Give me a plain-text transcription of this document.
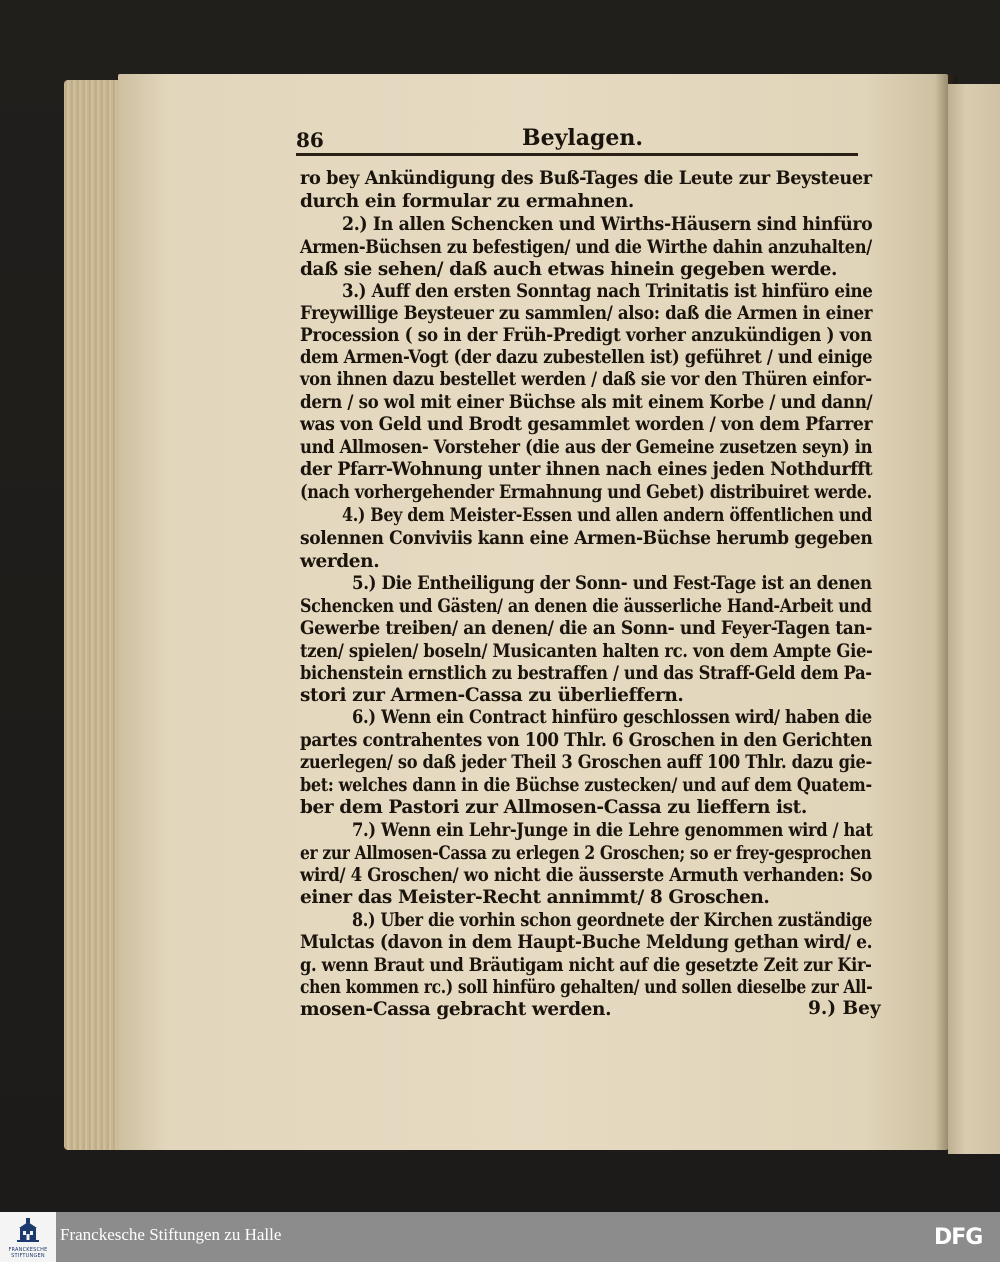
86	Beylagen.
ro bey Ankündigung des Buß-Tages die Leute zur Beysteuer
durch ein formular zu ermahnen.
2.) In allen Schencken und Wirths-Häusern sind hinfüro
Armen-Büchsen zu befestigen/ und die Wirthe dahin anzuhalten/
daß sie sehen/ daß auch etwas hinein gegeben werde.
3.) Auff den ersten Sonntag nach Trinitatis ist hinfüro eine
Freywillige Beysteuer zu sammlen/ also: daß die Armen in einer
Procession ( so in der Früh-Predigt vorher anzukündigen ) von
dem Armen-Vogt (der dazu zubestellen ist) geführet / und einige
von ihnen dazu bestellet werden / daß sie vor den Thüren einfor-
dern / so wol mit einer Büchse als mit einem Korbe / und dann/
was von Geld und Brodt gesammlet worden / von dem Pfarrer
und Allmosen- Vorsteher (die aus der Gemeine zusetzen seyn) in
der Pfarr-Wohnung unter ihnen nach eines jeden Nothdurfft
(nach vorhergehender Ermahnung und Gebet) distribuiret werde.
4.) Bey dem Meister-Essen und allen andern öffentlichen und
solennen Conviviis kann eine Armen-Büchse herumb gegeben
werden.
5.) Die Entheiligung der Sonn- und Fest-Tage ist an denen
Schencken und Gästen/ an denen die äusserliche Hand-Arbeit und
Gewerbe treiben/ an denen/ die an Sonn- und Feyer-Tagen tan-
tzen/ spielen/ boseln/ Musicanten halten rc. von dem Ampte Gie-
bichenstein ernstlich zu bestraffen / und das Straff-Geld dem Pa-
stori zur Armen-Cassa zu überlieffern.
6.) Wenn ein Contract hinfüro geschlossen wird/ haben die
partes contrahentes von 100 Thlr. 6 Groschen in den Gerichten
zuerlegen/ so daß jeder Theil 3 Groschen auff 100 Thlr. dazu gie-
bet: welches dann in die Büchse zustecken/ und auf dem Quatem-
ber dem Pastori zur Allmosen-Cassa zu lieffern ist.
7.) Wenn ein Lehr-Junge in die Lehre genommen wird / hat
er zur Allmosen-Cassa zu erlegen 2 Groschen; so er frey-gesprochen
wird/ 4 Groschen/ wo nicht die äusserste Armuth verhanden: So
einer das Meister-Recht annimmt/ 8 Groschen.
8.) Uber die vorhin schon geordnete der Kirchen zuständige
Mulctas (davon in dem Haupt-Buche Meldung gethan wird/ e.
g. wenn Braut und Bräutigam nicht auf die gesetzte Zeit zur Kir-
chen kommen rc.) soll hinfüro gehalten/ und sollen dieselbe zur All-
mosen-Cassa gebracht werden.	9.) Bey
FRANCKESCHE STIFTUNGEN
Franckesche Stiftungen zu Halle	DFG
